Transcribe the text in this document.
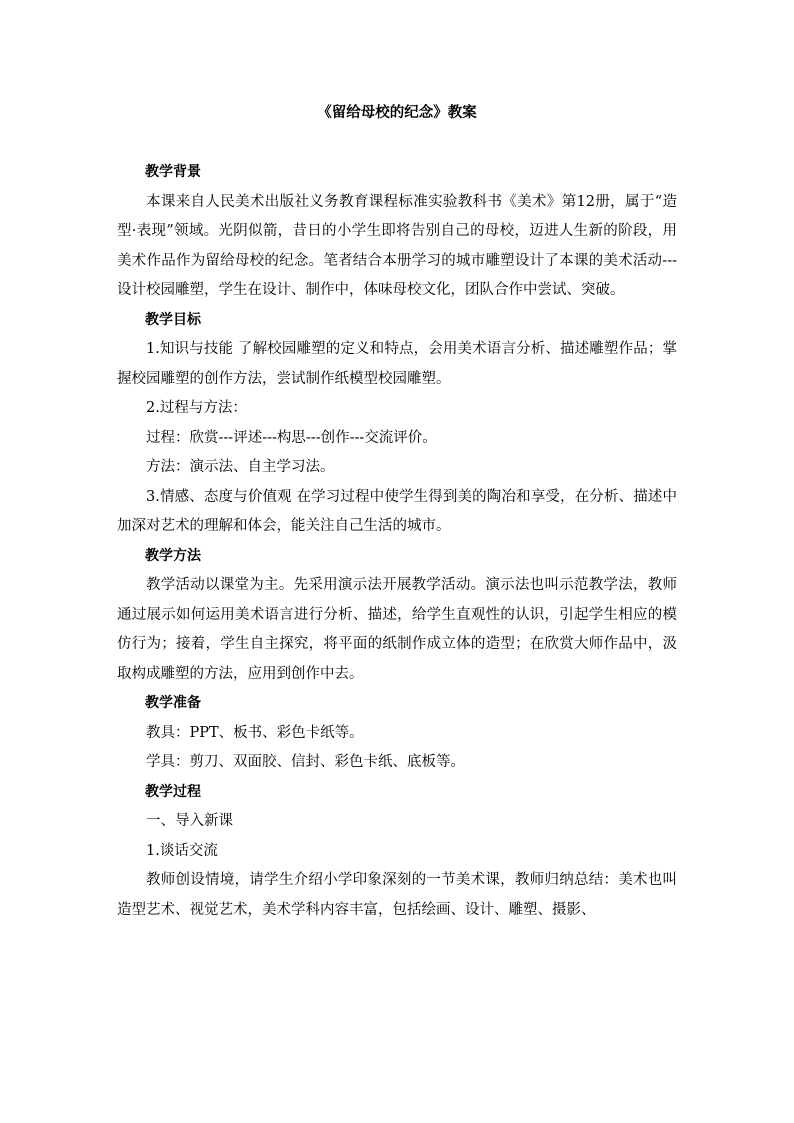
《留给母校的纪念》教案

教学背景

本课来自人民美术出版社义务教育课程标准实验教科书《美术》第12册，属于“造型·表现”领域。光阴似箭，昔日的小学生即将告别自己的母校，迈进人生新的阶段，用美术作品作为留给母校的纪念。笔者结合本册学习的城市雕塑设计了本课的美术活动---设计校园雕塑，学生在设计、制作中，体味母校文化，团队合作中尝试、突破。

教学目标

1.知识与技能 了解校园雕塑的定义和特点，会用美术语言分析、描述雕塑作品；掌握校园雕塑的创作方法，尝试制作纸模型校园雕塑。

2.过程与方法：

过程：欣赏---评述---构思---创作---交流评价。

方法：演示法、自主学习法。

3.情感、态度与价值观 在学习过程中使学生得到美的陶冶和享受，在分析、描述中加深对艺术的理解和体会，能关注自己生活的城市。

教学方法

教学活动以课堂为主。先采用演示法开展教学活动。演示法也叫示范教学法，教师通过展示如何运用美术语言进行分析、描述，给学生直观性的认识，引起学生相应的模仿行为；接着，学生自主探究，将平面的纸制作成立体的造型；在欣赏大师作品中，汲取构成雕塑的方法，应用到创作中去。

教学准备

教具：PPT、板书、彩色卡纸等。

学具：剪刀、双面胶、信封、彩色卡纸、底板等。

教学过程

一、导入新课

1.谈话交流

教师创设情境，请学生介绍小学印象深刻的一节美术课，教师归纳总结：美术也叫造型艺术、视觉艺术，美术学科内容丰富，包括绘画、设计、雕塑、摄影、
